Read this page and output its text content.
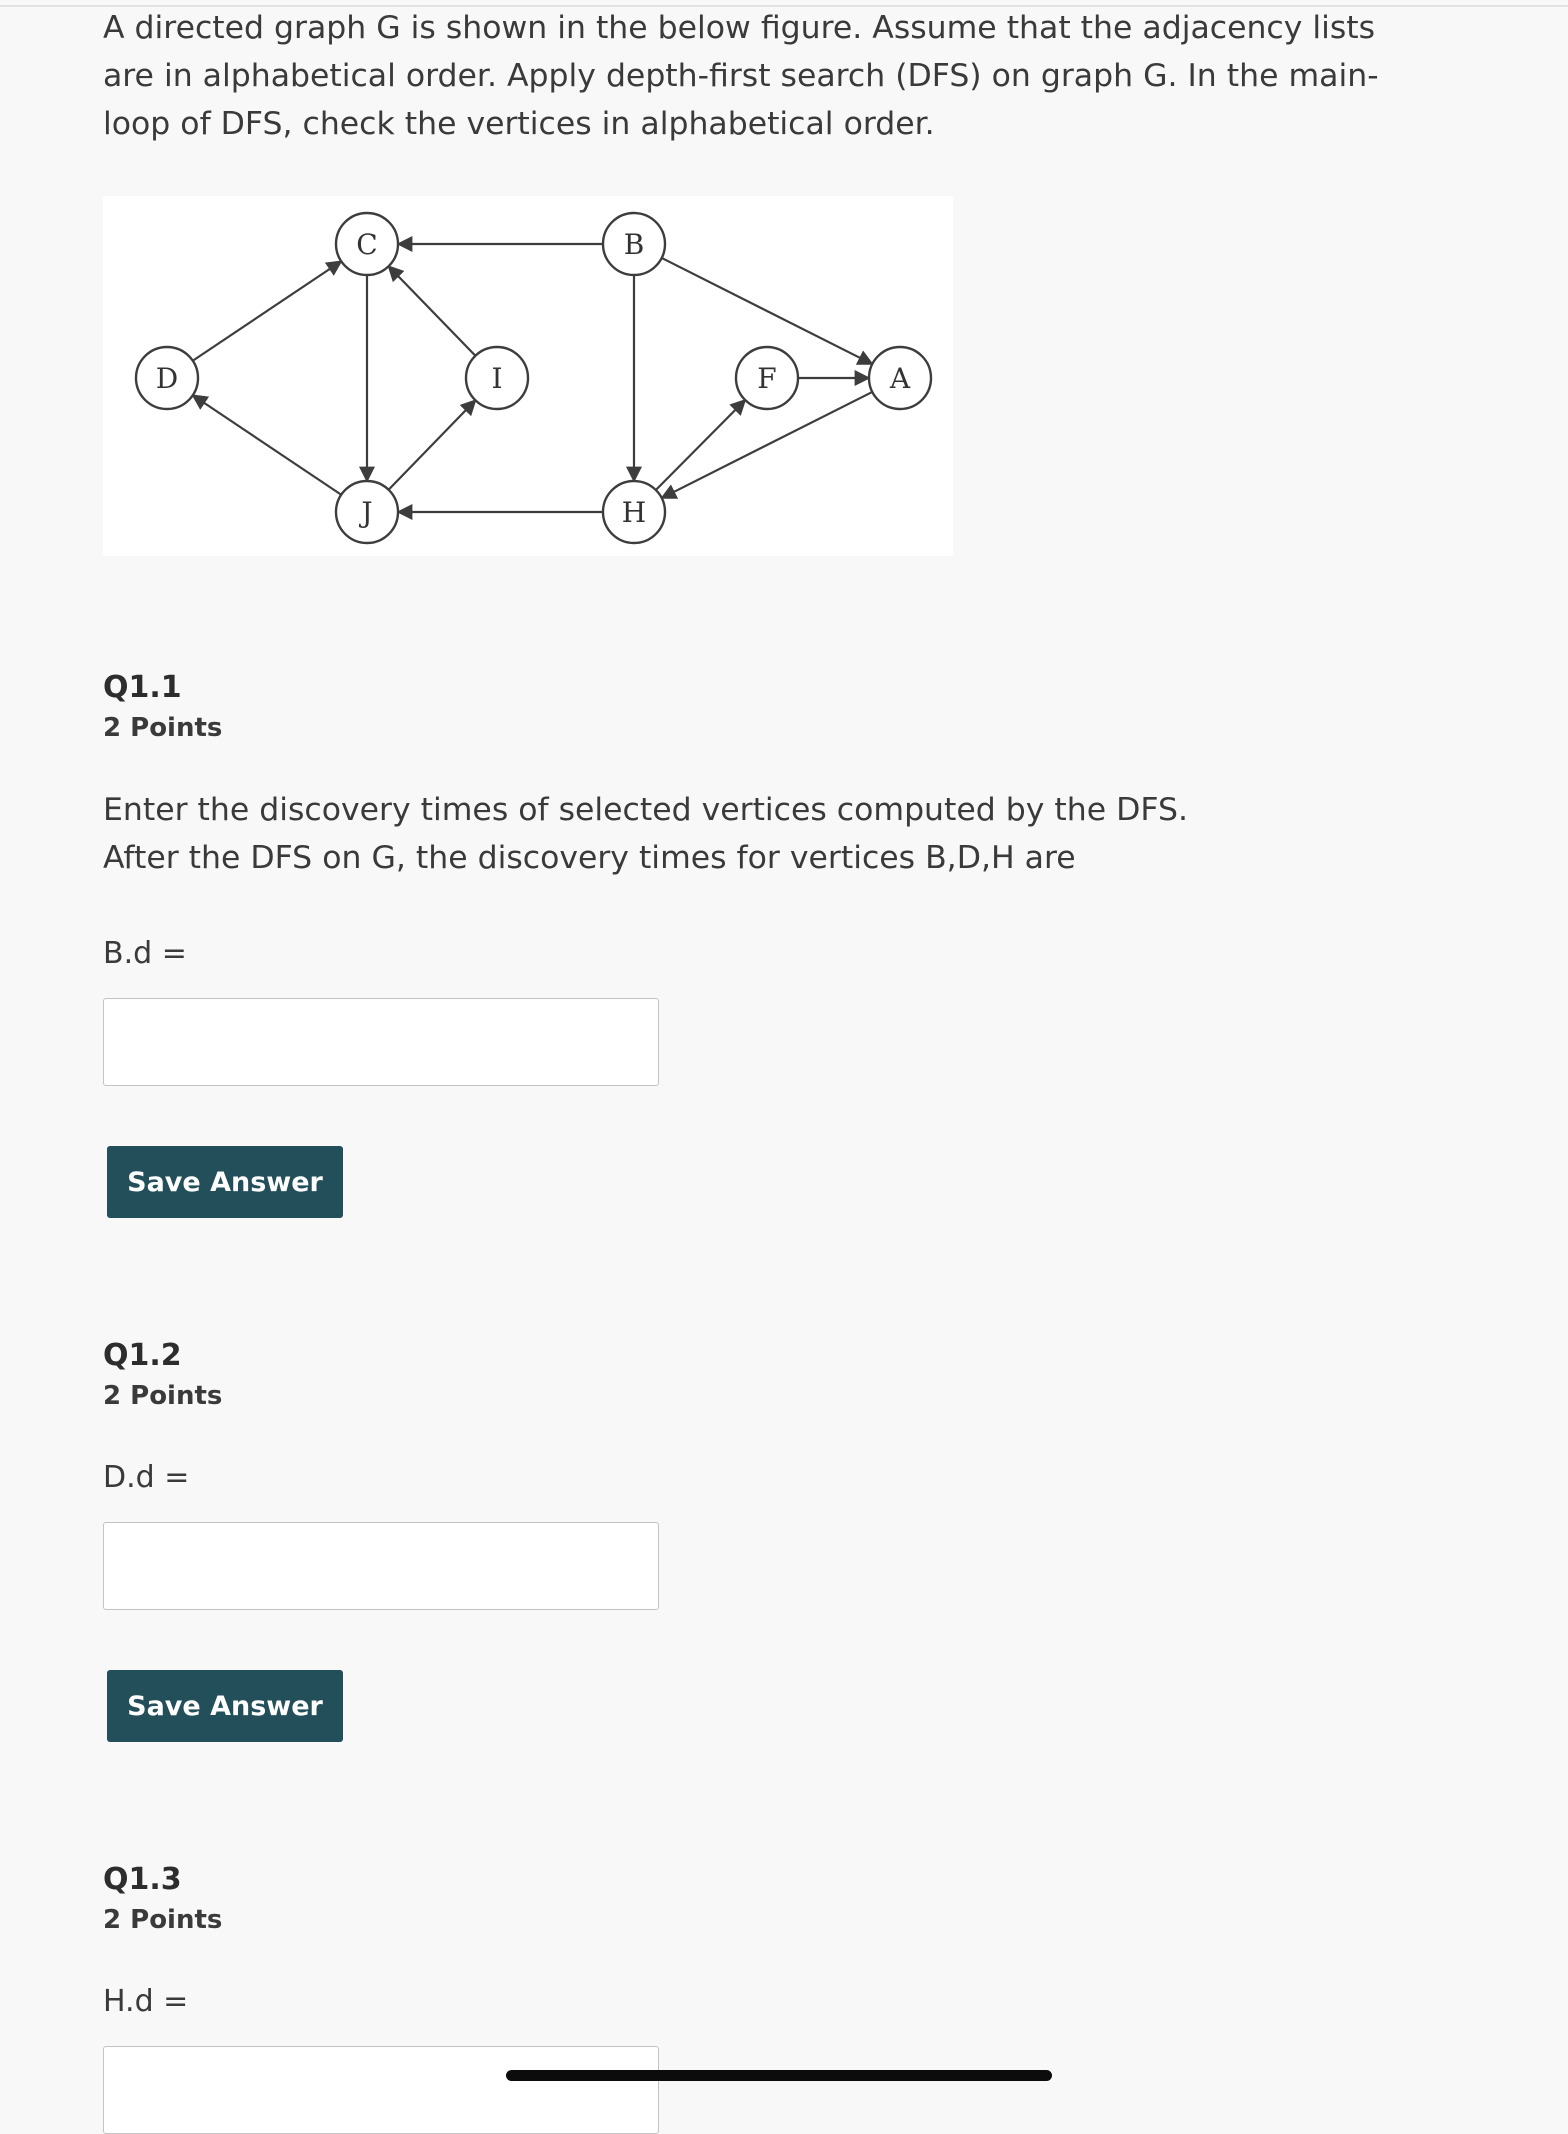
A directed graph G is shown in the below figure. Assume that the adjacency lists are in alphabetical order. Apply depth-first search (DFS) on graph G. In the main-loop of DFS, check the vertices in alphabetical order.

C	B
D	I	F	A
J	H
Q1.1
2 Points

Enter the discovery times of selected vertices computed by the DFS.
After the DFS on G, the discovery times for vertices B,D,H are

B.d =
Save Answer
Q1.2
2 Points
D.d =
Save Answer
Q1.3
2 Points
H.d =
